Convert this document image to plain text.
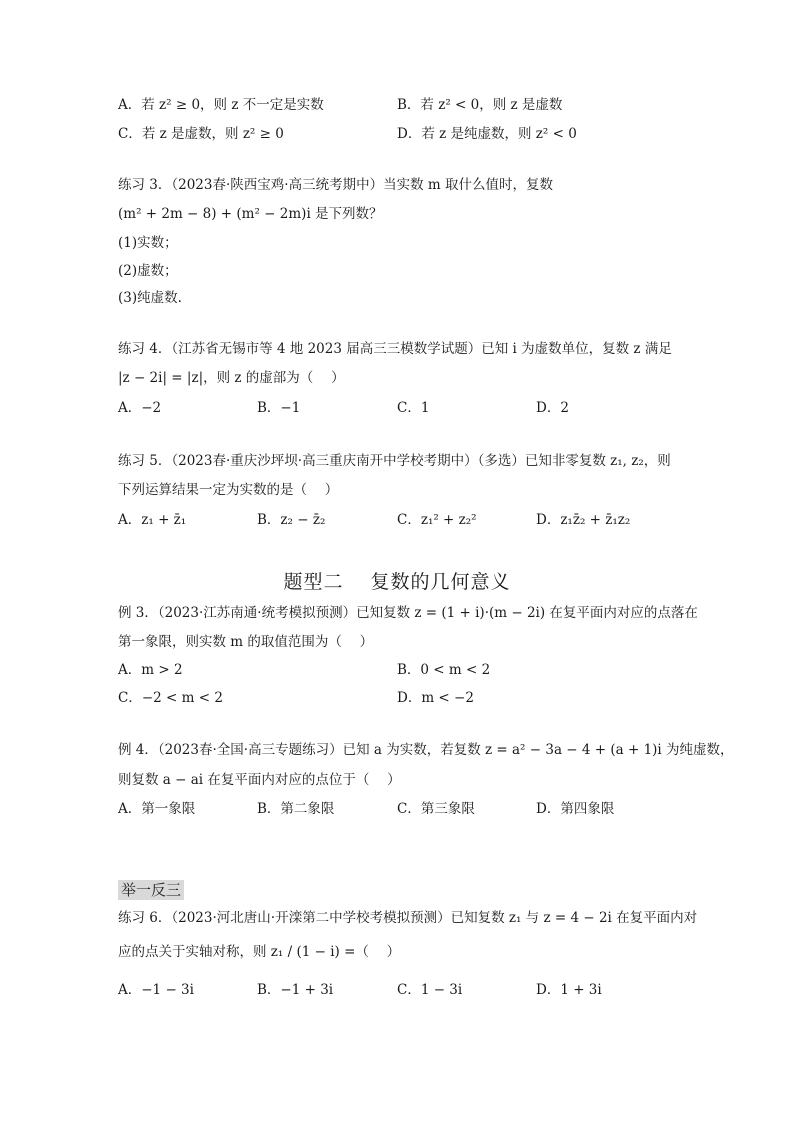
A．若 z² ≥ 0，则 z 不一定是实数	B．若 z² < 0，则 z 是虚数
C．若 z 是虚数，则 z² ≥ 0	D．若 z 是纯虚数，则 z² < 0
练习 3．（2023春·陕西宝鸡·高三统考期中）当实数 m 取什么值时，复数
(m² + 2m − 8) + (m² − 2m)i 是下列数？
(1)实数；
(2)虚数；
(3)纯虚数.
练习 4．（江苏省无锡市等 4 地 2023 届高三三模数学试题）已知 i 为虚数单位，复数 z 满足
|z − 2i| = |z|，则 z 的虚部为（　 ）
A．−2	B．−1	C．1	D．2
练习 5．（2023春·重庆沙坪坝·高三重庆南开中学校考期中）（多选）已知非零复数 z₁, z₂，则
下列运算结果一定为实数的是（　 ）
A．z₁ + z̄₁	B．z₂ − z̄₂	C．z₁² + z₂²	D．z₁z̄₂ + z̄₁z₂
题型二　 复数的几何意义
例 3．（2023·江苏南通·统考模拟预测）已知复数 z = (1 + i)·(m − 2i) 在复平面内对应的点落在
第一象限，则实数 m 的取值范围为（　 ）
A．m > 2	B．0 < m < 2
C．−2 < m < 2	D．m < −2
例 4．（2023春·全国·高三专题练习）已知 a 为实数，若复数 z = a² − 3a − 4 + (a + 1)i 为纯虚数，
则复数 a − ai 在复平面内对应的点位于（　 ）
A．第一象限	B．第二象限	C．第三象限	D．第四象限
举一反三
练习 6．（2023·河北唐山·开滦第二中学校考模拟预测）已知复数 z₁ 与 z = 4 − 2i 在复平面内对
应的点关于实轴对称，则 z₁ / (1 − i) =（　 ）
A．−1 − 3i	B．−1 + 3i	C．1 − 3i	D．1 + 3i
